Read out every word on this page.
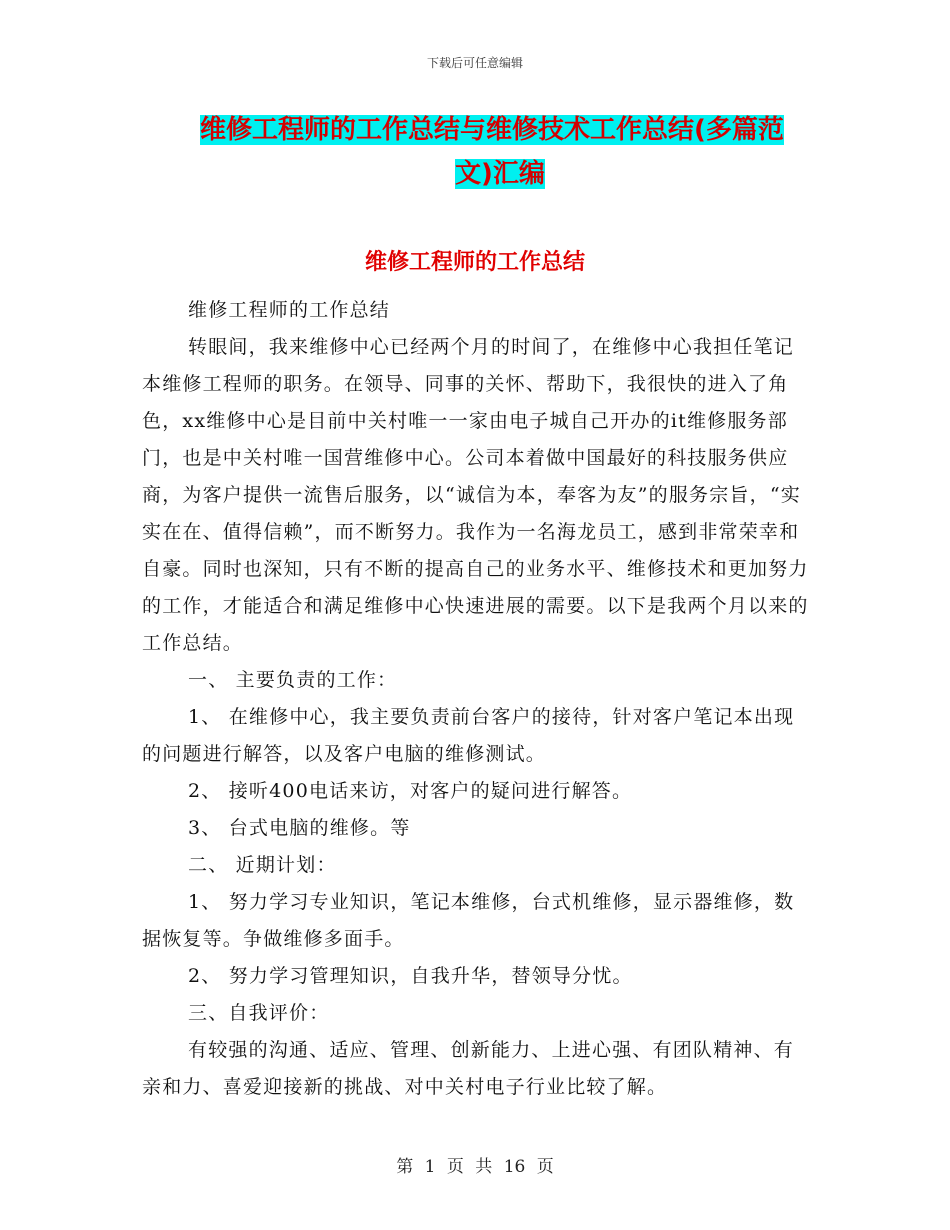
下载后可任意编辑
维修工程师的工作总结与维修技术工作总结(多篇范
文)汇编
维修工程师的工作总结

维修工程师的工作总结

转眼间，我来维修中心已经两个月的时间了，在维修中心我担任笔记本维修工程师的职务。在领导、同事的关怀、帮助下，我很快的进入了角色，xx维修中心是目前中关村唯一一家由电子城自己开办的it维修服务部门，也是中关村唯一国营维修中心。公司本着做中国最好的科技服务供应商，为客户提供一流售后服务，以“诚信为本，奉客为友”的服务宗旨，“实实在在、值得信赖”，而不断努力。我作为一名海龙员工，感到非常荣幸和自豪。同时也深知，只有不断的提高自己的业务水平、维修技术和更加努力的工作，才能适合和满足维修中心快速进展的需要。以下是我两个月以来的工作总结。

一、 主要负责的工作：

1、 在维修中心，我主要负责前台客户的接待，针对客户笔记本出现的问题进行解答，以及客户电脑的维修测试。

2、 接听400电话来访，对客户的疑问进行解答。

3、 台式电脑的维修。等

二、 近期计划：

1、 努力学习专业知识，笔记本维修，台式机维修，显示器维修，数据恢复等。争做维修多面手。

2、 努力学习管理知识，自我升华，替领导分忧。

三、自我评价：

有较强的沟通、适应、管理、创新能力、上进心强、有团队精神、有亲和力、喜爱迎接新的挑战、对中关村电子行业比较了解。

第 1 页 共 16 页
